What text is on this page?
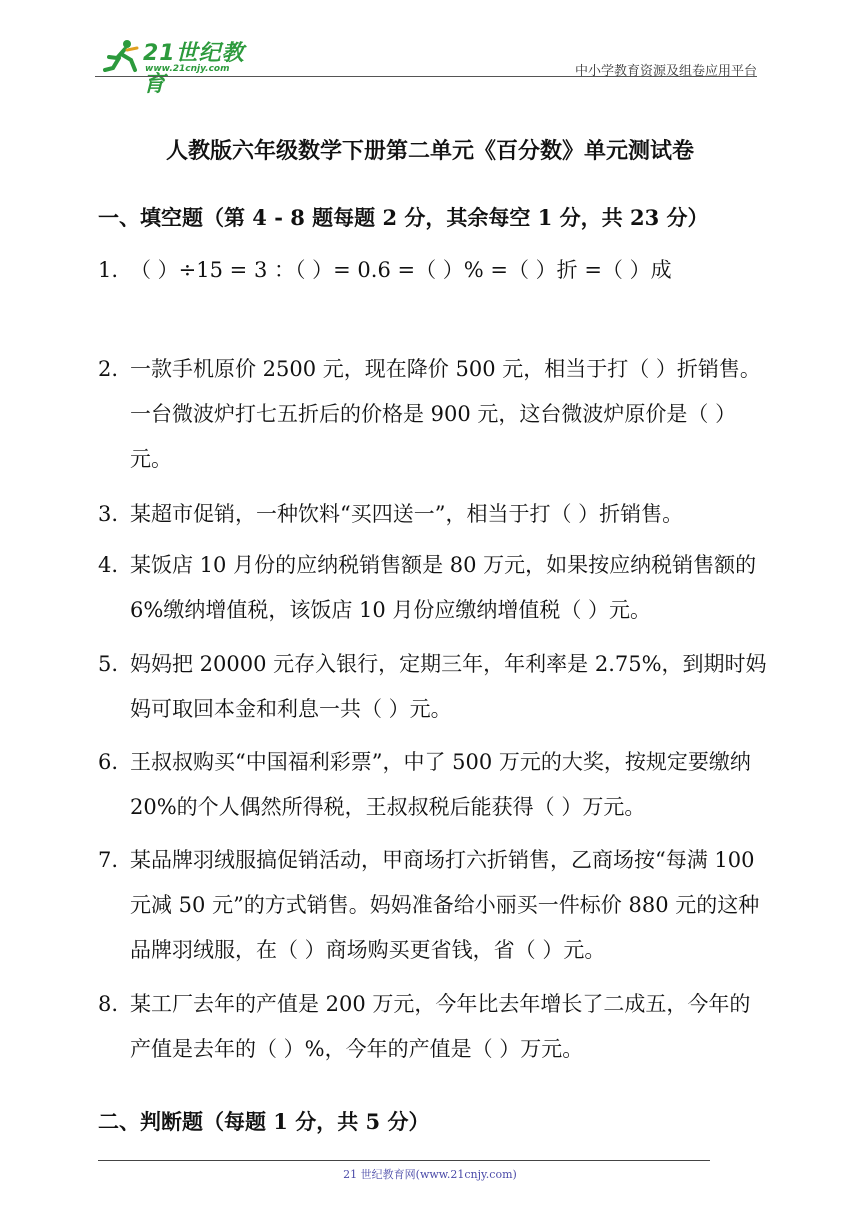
21世纪教育
www.21cnjy.com	中小学教育资源及组卷应用平台
人教版六年级数学下册第二单元《百分数》单元测试卷
一、填空题（第 4 - 8 题每题 2 分，其余每空 1 分，共 23 分）
1. （ ）÷15 = 3 ：（ ）= 0.6 =（ ）% =（ ）折 =（ ）成
2. 一款手机原价 2500 元，现在降价 500 元，相当于打（ ）折销售。一台微波炉打七五折后的价格是 900 元，这台微波炉原价是（ ）元。
3. 某超市促销，一种饮料“买四送一”，相当于打（ ）折销售。
4. 某饭店 10 月份的应纳税销售额是 80 万元，如果按应纳税销售额的 6%缴纳增值税，该饭店 10 月份应缴纳增值税（ ）元。
5. 妈妈把 20000 元存入银行，定期三年，年利率是 2.75%，到期时妈妈可取回本金和利息一共（ ）元。
6. 王叔叔购买“中国福利彩票”，中了 500 万元的大奖，按规定要缴纳 20%的个人偶然所得税，王叔叔税后能获得（ ）万元。
7. 某品牌羽绒服搞促销活动，甲商场打六折销售，乙商场按“每满 100 元减 50 元”的方式销售。妈妈准备给小丽买一件标价 880 元的这种品牌羽绒服，在（ ）商场购买更省钱，省（ ）元。
8. 某工厂去年的产值是 200 万元，今年比去年增长了二成五，今年的产值是去年的（ ）%，今年的产值是（ ）万元。
二、判断题（每题 1 分，共 5 分）
21 世纪教育网(www.21cnjy.com)
